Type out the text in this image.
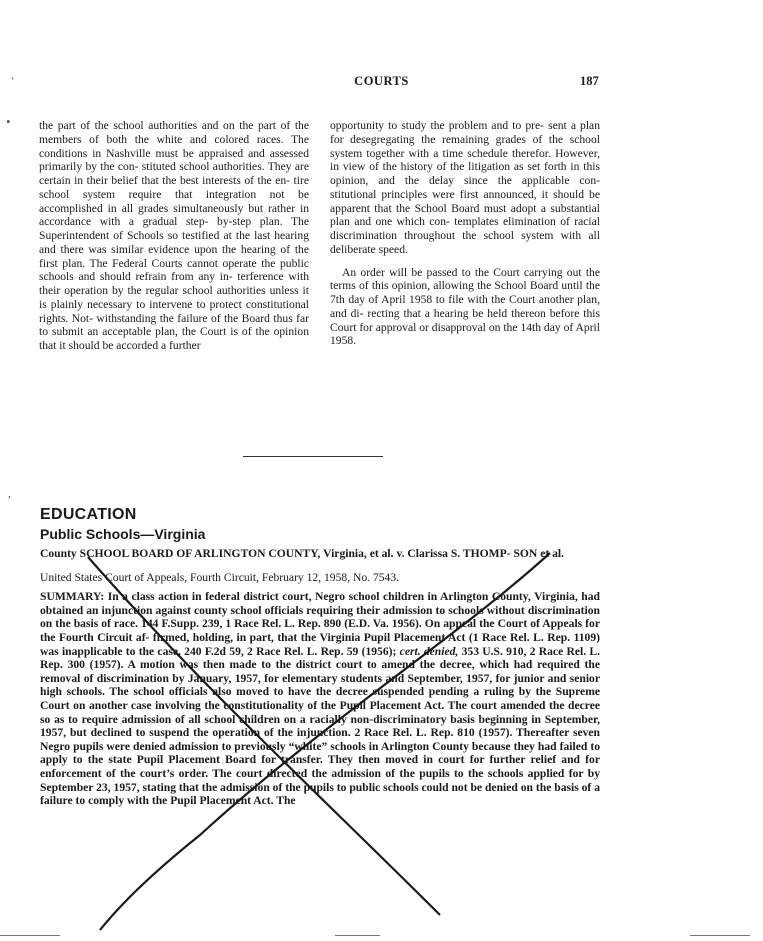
COURTS	187
ʻ
•
,

the part of the school authorities and on the part of the members of both the white and colored races. The conditions in Nashville must be appraised and assessed primarily by the con- stituted school authorities. They are certain in their belief that the best interests of the en- tire school system require that integration not be accomplished in all grades simultaneously but rather in accordance with a gradual step- by-step plan. The Superintendent of Schools so testified at the last hearing and there was similar evidence upon the hearing of the first plan. The Federal Courts cannot operate the public schools and should refrain from any in- terference with their operation by the regular school authorities unless it is plainly necessary to intervene to protect constitutional rights. Not- withstanding the failure of the Board thus far to submit an acceptable plan, the Court is of the opinion that it should be accorded a further

opportunity to study the problem and to pre- sent a plan for desegregating the remaining grades of the school system together with a time schedule therefor. However, in view of the history of the litigation as set forth in this opinion, and the delay since the applicable con- stitutional principles were first announced, it should be apparent that the School Board must adopt a substantial plan and one which con- templates elimination of racial discrimination throughout the school system with all deliberate speed.

An order will be passed to the Court carrying out the terms of this opinion, allowing the School Board until the 7th day of April 1958 to file with the Court another plan, and di- recting that a hearing be held thereon before this Court for approval or disapproval on the 14th day of April 1958.

EDUCATION
Public Schools—Virginia
County SCHOOL BOARD OF ARLINGTON COUNTY, Virginia, et al. v. Clarissa S. THOMP- SON et al.
United States Court of Appeals, Fourth Circuit, February 12, 1958, No. 7543.
SUMMARY: In a class action in federal district court, Negro school children in Arlington County, Virginia, had obtained an injunction against county school officials requiring their admission to schools without discrimination on the basis of race. 144 F.Supp. 239, 1 Race Rel. L. Rep. 890 (E.D. Va. 1956). On appeal the Court of Appeals for the Fourth Circuit af- firmed, holding, in part, that the Virginia Pupil Placement Act (1 Race Rel. L. Rep. 1109) was inapplicable to the case. 240 F.2d 59, 2 Race Rel. L. Rep. 59 (1956); cert. denied, 353 U.S. 910, 2 Race Rel. L. Rep. 300 (1957). A motion was then made to the district court to amend the decree, which had required the removal of discrimination by January, 1957, for elementary students and September, 1957, for junior and senior high schools. The school officials also moved to have the decree suspended pending a ruling by the Supreme Court on another case involving the constitutionality of the Pupil Placement Act. The court amended the decree so as to require admission of all school children on a racially non-discriminatory basis beginning in September, 1957, but declined to suspend the operation of the injunction. 2 Race Rel. L. Rep. 810 (1957). Thereafter seven Negro pupils were denied admission to previously “white” schools in Arlington County because they had failed to apply to the state Pupil Placement Board for transfer. They then moved in court for further relief and for enforcement of the court’s order. The court directed the admission of the pupils to the schools applied for by September 23, 1957, stating that the admission of the pupils to public schools could not be denied on the basis of a failure to comply with the Pupil Placement Act. The
